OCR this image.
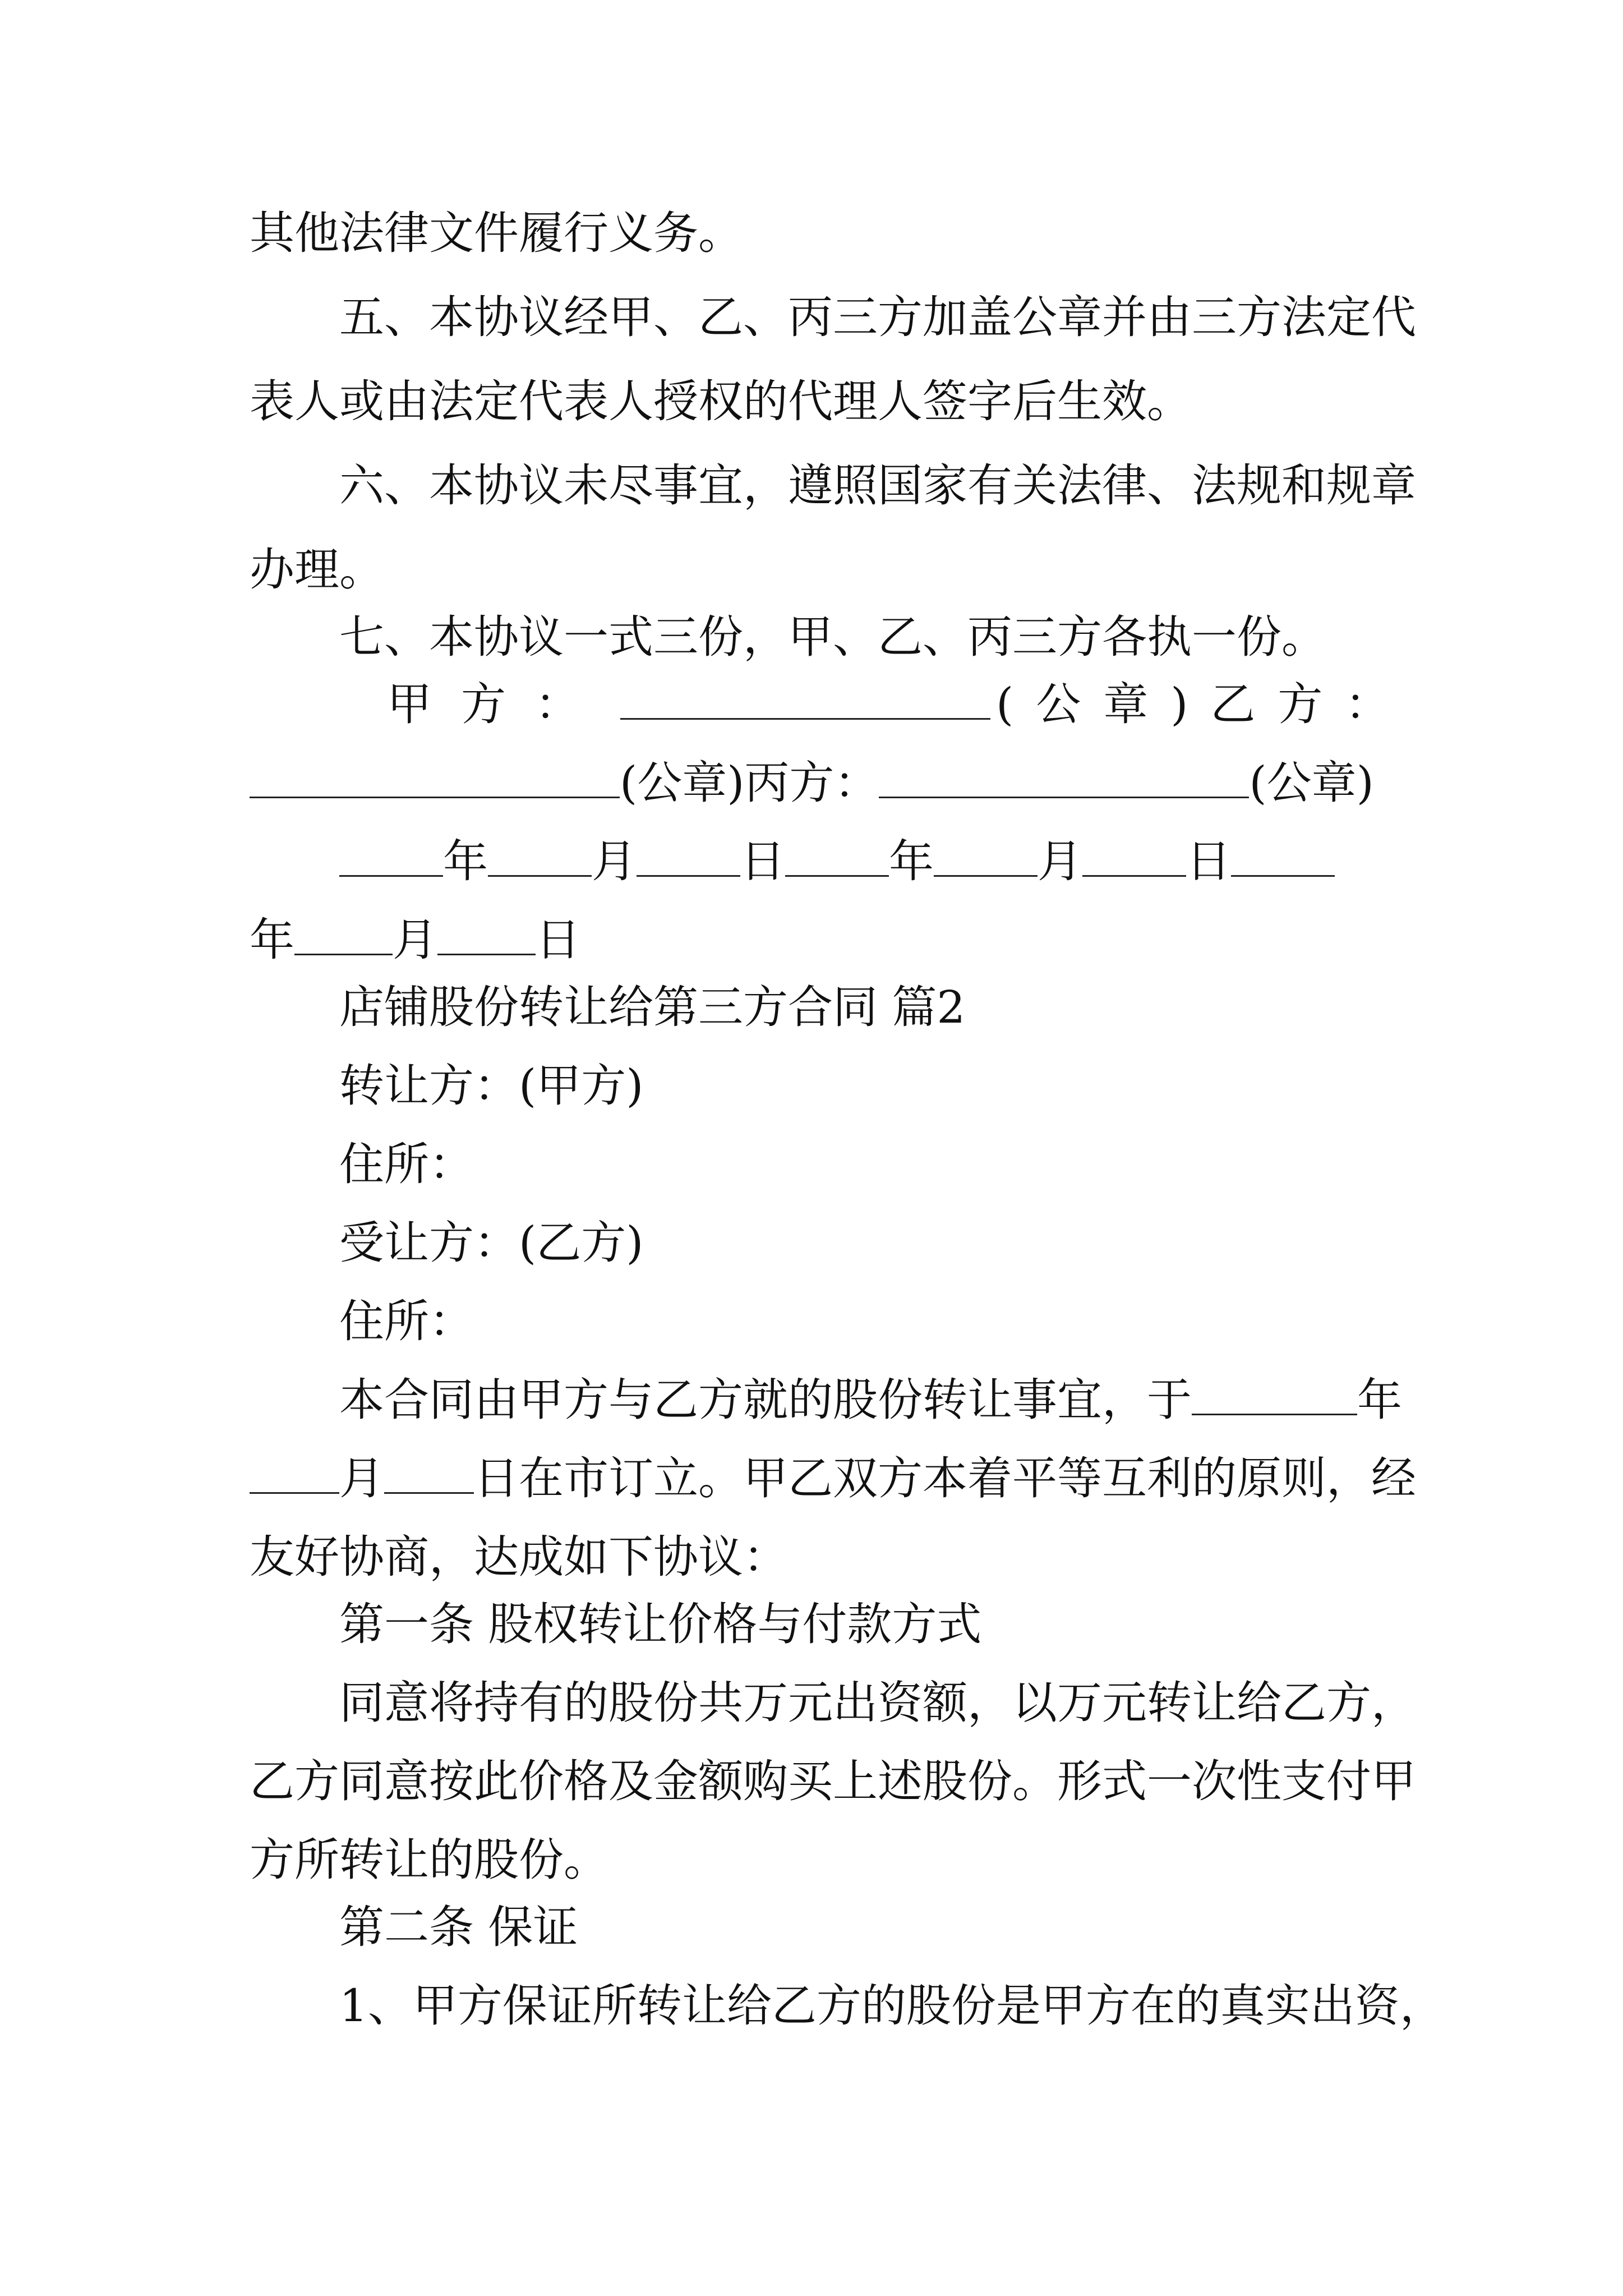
其他法律文件履行义务。
五、本协议经甲、乙、丙三方加盖公章并由三方法定代
表人或由法定代表人授权的代理人签字后生效。
六、本协议未尽事宜，遵照国家有关法律、法规和规章
办理。
七、本协议一式三份，甲、乙、丙三方各执一份。
甲方：	(公章)乙方：
(公章)丙方：	(公章)
年 月 日 年 月 日
年 月 日
店铺股份转让给第三方合同 篇2
转让方：(甲方)
住所：
受让方：(乙方)
住所：
本合同由甲方与乙方就的股份转让事宜，于	年
月 日在市订立。甲乙双方本着平等互利的原则，经
友好协商，达成如下协议：
第一条 股权转让价格与付款方式
同意将持有的股份共万元出资额，以万元转让给乙方，
乙方同意按此价格及金额购买上述股份。形式一次性支付甲
方所转让的股份。
第二条 保证
1、甲方保证所转让给乙方的股份是甲方在的真实出资，
